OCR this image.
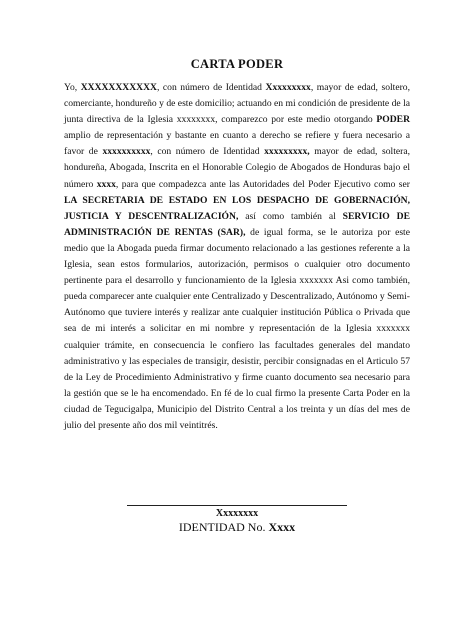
CARTA PODER

Yo, XXXXXXXXXXX, con número de Identidad Xxxxxxxxx, mayor de edad, soltero, comerciante, hondureño y de este domicilio; actuando en mi condición de presidente de la junta directiva de la Iglesia xxxxxxxx, comparezco por este medio otorgando PODER amplio de representación y bastante en cuanto a derecho se refiere y fuera necesario a favor de xxxxxxxxxx, con número de Identidad xxxxxxxxx, mayor de edad, soltera, hondureña, Abogada, Inscrita en el Honorable Colegio de Abogados de Honduras bajo el número xxxx, para que compadezca ante las Autoridades del Poder Ejecutivo como ser LA SECRETARIA DE ESTADO EN LOS DESPACHO DE GOBERNACIÓN, JUSTICIA Y DESCENTRALIZACIÓN, así como también al SERVICIO DE ADMINISTRACIÓN DE RENTAS (SAR), de igual forma, se le autoriza por este medio que la Abogada pueda firmar documento relacionado a las gestiones referente a la Iglesia, sean estos formularios, autorización, permisos o cualquier otro documento pertinente para el desarrollo y funcionamiento de la Iglesia xxxxxxx Asi como también, pueda comparecer ante cualquier ente Centralizado y Descentralizado, Autónomo y Semi-Autónomo que tuviere interés y realizar ante cualquier institución Pública o Privada que sea de mi interés a solicitar en mi nombre y representación de la Iglesia xxxxxxx cualquier trámite, en consecuencia le confiero las facultades generales del mandato administrativo y las especiales de transigir, desistir, percibir consignadas en el Articulo 57 de la Ley de Procedimiento Administrativo y firme cuanto documento sea necesario para la gestión que se le ha encomendado. En fé de lo cual firmo la presente Carta Poder en la ciudad de Tegucigalpa, Municipio del Distrito Central a los treinta y un días del mes de julio del presente año dos mil veintitrés.

Xxxxxxxx
IDENTIDAD No. Xxxx
